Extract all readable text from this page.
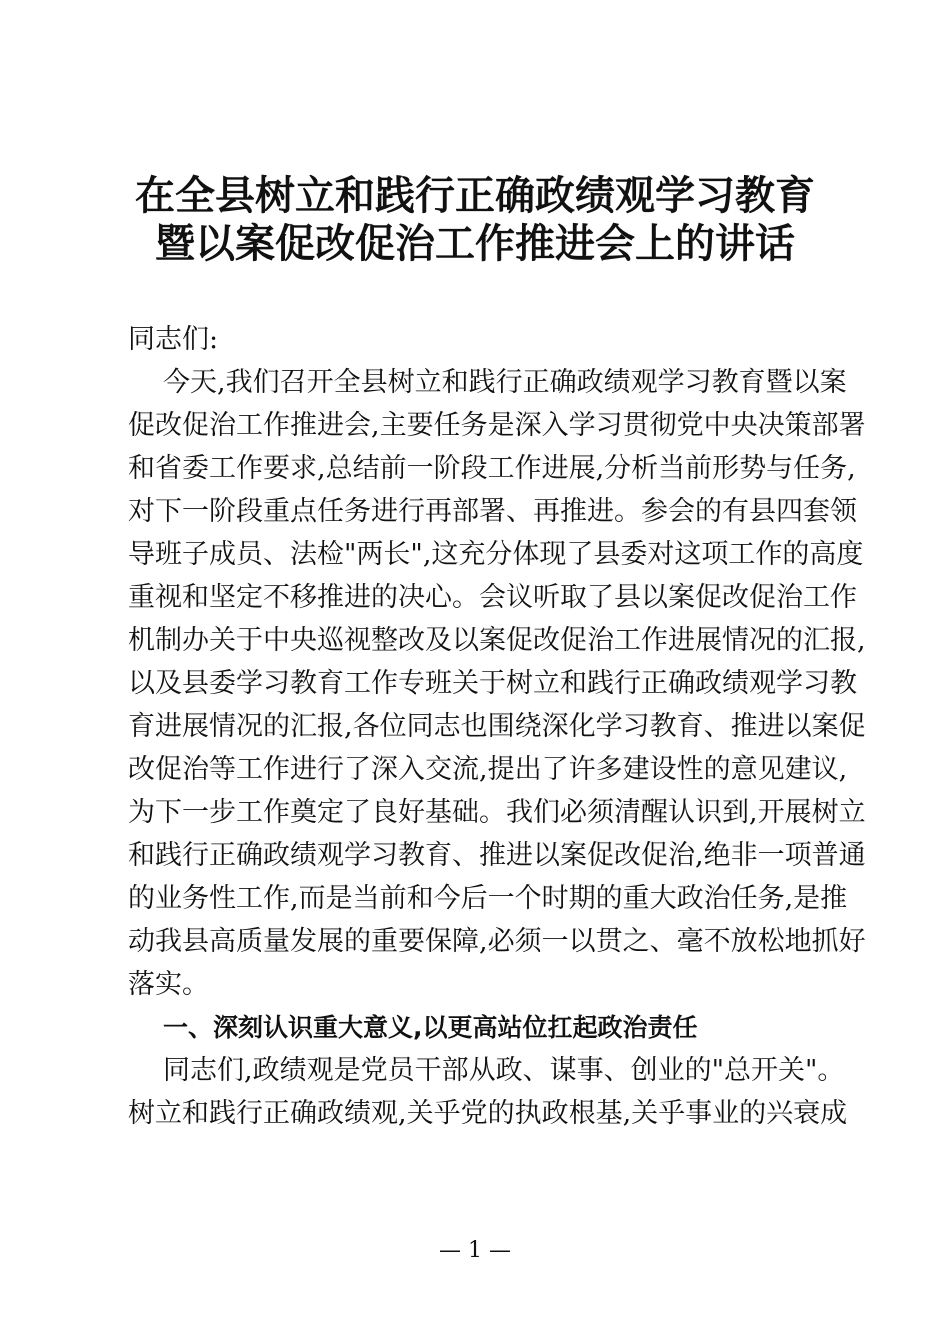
在全县树立和践行正确政绩观学习教育
暨以案促改促治工作推进会上的讲话
同志们:
今天,我们召开全县树立和践行正确政绩观学习教育暨以案
促改促治工作推进会,主要任务是深入学习贯彻党中央决策部署
和省委工作要求,总结前一阶段工作进展,分析当前形势与任务,
对下一阶段重点任务进行再部署、再推进。参会的有县四套领
导班子成员、法检"两长",这充分体现了县委对这项工作的高度
重视和坚定不移推进的决心。会议听取了县以案促改促治工作
机制办关于中央巡视整改及以案促改促治工作进展情况的汇报,
以及县委学习教育工作专班关于树立和践行正确政绩观学习教
育进展情况的汇报,各位同志也围绕深化学习教育、推进以案促
改促治等工作进行了深入交流,提出了许多建设性的意见建议,
为下一步工作奠定了良好基础。我们必须清醒认识到,开展树立
和践行正确政绩观学习教育、推进以案促改促治,绝非一项普通
的业务性工作,而是当前和今后一个时期的重大政治任务,是推
动我县高质量发展的重要保障,必须一以贯之、毫不放松地抓好
落实。
一、深刻认识重大意义,以更高站位扛起政治责任
同志们,政绩观是党员干部从政、谋事、创业的"总开关"。
树立和践行正确政绩观,关乎党的执政根基,关乎事业的兴衰成
— 1 —
